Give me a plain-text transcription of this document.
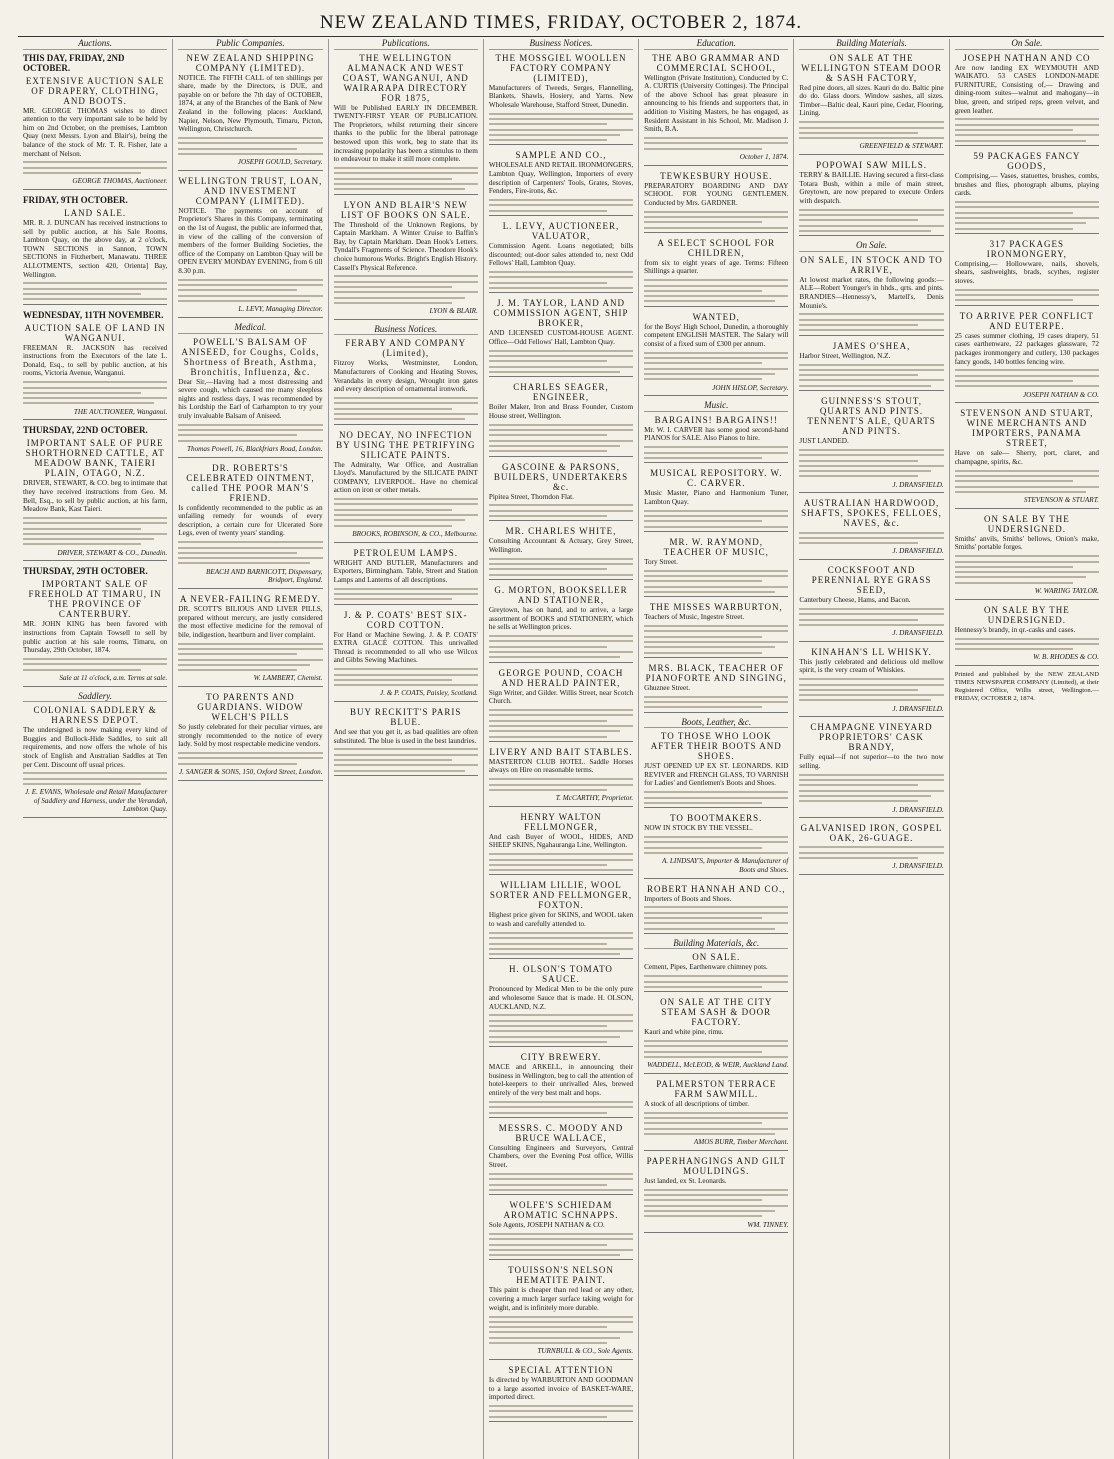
NEW ZEALAND TIMES, FRIDAY, OCTOBER 2, 1874.
Auctions.
THIS DAY, FRIDAY, 2ND OCTOBER.
EXTENSIVE AUCTION SALE OF DRAPERY, CLOTHING, AND BOOTS.

MR. GEORGE THOMAS wishes to direct attention to the very important sale to be held by him on 2nd October, on the premises, Lambton Quay (next Messrs. Lyon and Blair's), being the balance of the stock of Mr. T. R. Fisher, late a merchant of Nelson.

GEORGE THOMAS, Auctioneer.

FRIDAY, 9TH OCTOBER.
LAND SALE.

MR. R. J. DUNCAN has received instructions to sell by public auction, at his Sale Rooms, Lambton Quay, on the above day, at 2 o'clock, TOWN SECTIONS in Sannon, TOWN SECTIONS in Fitzherbert, Manawatu. THREE ALLOTMENTS, section 420, Orienta] Bay, Wellington.

WEDNESDAY, 11TH NOVEMBER.
AUCTION SALE OF LAND IN WANGANUI.

FREEMAN R. JACKSON has received instructions from the Executors of the late L. Donald, Esq., to sell by public auction, at his rooms, Victoria Avenue, Wanganui.

THE AUCTIONEER, Wanganui.

THURSDAY, 22ND OCTOBER.
IMPORTANT SALE OF PURE SHORTHORNED CATTLE, AT MEADOW BANK, TAIERI PLAIN, OTAGO, N.Z.

DRIVER, STEWART, & CO. beg to intimate that they have received instructions from Geo. M. Bell, Esq., to sell by public auction, at his farm, Meadow Bank, Kast Taieri.

DRIVER, STEWART & CO., Dunedin.

THURSDAY, 29TH OCTOBER.
IMPORTANT SALE OF FREEHOLD AT TIMARU, IN THE PROVINCE OF CANTERBURY.

MR. JOHN KING has been favored with instructions from Captain Towsell to sell by public auction at his sale rooms, Timaru, on Thursday, 29th October, 1874.

Sale at 11 o'clock, a.m. Terms at sale.

Saddlery.
COLONIAL SADDLERY & HARNESS DEPOT.

The undersigned is now making every kind of Buggies and Bullock-Hide Saddles, to suit all requirements, and now offers the whole of his stock of English and Australian Saddles at Ten per Cent. Discount off usual prices.

J. E. EVANS, Wholesale and Retail Manufacturer of Saddlery and Harness, under the Verandah, Lambton Quay.

Public Companies.
NEW ZEALAND SHIPPING COMPANY (LIMITED).

NOTICE. The FIFTH CALL of ten shillings per share, made by the Directors, is DUE, and payable on or before the 7th day of OCTOBER, 1874, at any of the Branches of the Bank of New Zealand in the following places: Auckland, Napier, Nelson, New Plymouth, Timaru, Picton, Wellington, Christchurch.

JOSEPH GOULD, Secretary.

WELLINGTON TRUST, LOAN, AND INVESTMENT COMPANY (LIMITED).

NOTICE. The payments on account of Proprietor's Shares in this Company, terminating on the 1st of August, the public are informed that, in view of the calling of the conversion of members of the former Building Societies, the office of the Company on Lambton Quay will be OPEN EVERY MONDAY EVENING, from 6 till 8.30 p.m.

L. LEVY, Managing Director.

Medical.
POWELL'S BALSAM OF ANISEED, for Coughs, Colds, Shortness of Breath, Asthma, Bronchitis, Influenza, &c.

Dear Sir,—Having had a most distressing and severe cough, which caused me many sleepless nights and restless days, I was recommended by his Lordship the Earl of Carhampton to try your truly invaluable Balsam of Aniseed.

Thomas Powell, 16, Blackfriars Road, London.

DR. ROBERTS'S CELEBRATED OINTMENT, called THE POOR MAN'S FRIEND.

Is confidently recommended to the public as an unfailing remedy for wounds of every description, a certain cure for Ulcerated Sore Legs, even of twenty years' standing.

BEACH AND BARNICOTT, Dispensary, Bridport, England.

A NEVER-FAILING REMEDY.

DR. SCOTT'S BILIOUS AND LIVER PILLS, prepared without mercury, are justly considered the most effective medicine for the removal of bile, indigestion, heartburn and liver complaint.

W. LAMBERT, Chemist.

TO PARENTS AND GUARDIANS. WIDOW WELCH'S PILLS

So justly celebrated for their peculiar virtues, are strongly recommended to the notice of every lady. Sold by most respectable medicine vendors.

J. SANGER & SONS, 150, Oxford Street, London.

Publications.
THE WELLINGTON ALMANACK AND WEST COAST, WANGANUI, AND WAIRARAPA DIRECTORY FOR 1875,

Will be Published EARLY IN DECEMBER. TWENTY-FIRST YEAR OF PUBLICATION. The Proprietors, whilst returning their sincere thanks to the public for the liberal patronage bestowed upon this work, beg to state that its increasing popularity has been a stimulus to them to endeavour to make it still more complete.

LYON AND BLAIR'S NEW LIST OF BOOKS ON SALE.

The Threshold of the Unknown Regions, by Captain Markham. A Winter Cruise to Baffin's Bay, by Captain Markham. Dean Hook's Letters. Tyndall's Fragments of Science. Theodore Hook's choice humorous Works. Bright's English History. Cassell's Physical Reference.

LYON & BLAIR.

Business Notices.
FERABY AND COMPANY (Limited),

Fitzroy Works, Westminster, London, Manufacturers of Cooking and Heating Stoves, Verandahs in every design, Wrought iron gates and every description of ornamental ironwork.

NO DECAY, NO INFECTION BY USING THE PETRIFYING SILICATE PAINTS.

The Admiralty, War Office, and Australian Lloyd's. Manufactured by the SILICATE PAINT COMPANY, LIVERPOOL. Have no chemical action on iron or other metals.

BROOKS, ROBINSON, & CO., Melbourne.

PETROLEUM LAMPS.

WRIGHT AND BUTLER, Manufacturers and Exporters, Birmingham. Table, Street and Station Lamps and Lanterns of all descriptions.

J. & P. COATS' BEST SIX-CORD COTTON.

For Hand or Machine Sewing. J. & P. COATS' EXTRA GLACÉ COTTON. This unrivalled Thread is recommended to all who use Wilcox and Gibbs Sewing Machines.

J. & P. COATS, Paisley, Scotland.

BUY RECKITT'S PARIS BLUE.

And see that you get it, as bad qualities are often substituted. The blue is used in the best laundries.

Business Notices.
THE MOSSGIEL WOOLLEN FACTORY COMPANY (LIMITED),

Manufacturers of Tweeds, Serges, Flannelling, Blankets, Shawls, Hosiery, and Yarns. New Wholesale Warehouse, Stafford Street, Dunedin.

SAMPLE AND CO.,

WHOLESALE AND RETAIL IRONMONGERS, Lambton Quay, Wellington, Importers of every description of Carpenters' Tools, Grates, Stoves, Fenders, Fire-irons, &c.

L. LEVY, AUCTIONEER, VALUATOR,

Commission Agent. Loans negotiated; bills discounted; out-door sales attended to, next Odd Fellows' Hall, Lambton Quay.

J. M. TAYLOR, LAND AND COMMISSION AGENT, SHIP BROKER,

AND LICENSED CUSTOM-HOUSE AGENT. Office—Odd Fellows' Hall, Lambton Quay.

CHARLES SEAGER, ENGINEER,

Boiler Maker, Iron and Brass Founder, Custom House street, Wellington.

GASCOINE & PARSONS, BUILDERS, UNDERTAKERS &c.

Pipitea Street, Thorndon Flat.

MR. CHARLES WHITE,

Consulting Accountant & Actuary, Grey Street, Wellington.

G. MORTON, BOOKSELLER AND STATIONER,

Greytown, has on hand, and to arrive, a large assortment of BOOKS and STATIONERY, which he sells at Wellington prices.

GEORGE POUND, COACH AND HERALD PAINTER,

Sign Writer, and Gilder. Willis Street, near Scotch Church.

LIVERY AND BAIT STABLES.

MASTERTON CLUB HOTEL. Saddle Horses always on Hire on reasonable terms.

T. McCARTHY, Proprietor.

HENRY WALTON FELLMONGER,

And cash Buyer of WOOL, HIDES, AND SHEEP SKINS, Ngahauranga Line, Wellington.

WILLIAM LILLIE, WOOL SORTER AND FELLMONGER, FOXTON.

Highest price given for SKINS, and WOOL taken to wash and carefully attended to.

H. OLSON'S TOMATO SAUCE.

Pronounced by Medical Men to be the only pure and wholesome Sauce that is made. H. OLSON, AUCKLAND, N.Z.

CITY BREWERY.

MACE and ARKELL, in announcing their business in Wellington, beg to call the attention of hotel-keepers to their unrivalled Ales, brewed entirely of the very best malt and hops.

MESSRS. C. MOODY AND BRUCE WALLACE,

Consulting Engineers and Surveyors, Central Chambers, over the Evening Post office, Willis Street.

WOLFE'S SCHIEDAM AROMATIC SCHNAPPS.

Sole Agents, JOSEPH NATHAN & CO.

TOUISSON'S NELSON HEMATITE PAINT.

This paint is cheaper than red lead or any other, covering a much larger surface taking weight for weight, and is infinitely more durable.

TURNBULL & CO., Sole Agents.

SPECIAL ATTENTION

Is directed by WARBURTON AND GOODMAN to a large assorted invoice of BASKET-WARE, imported direct.

Education.
THE ABO GRAMMAR AND COMMERCIAL SCHOOL,

Wellington (Private Institution), Conducted by C. A. CURTIS (University Cottinges). The Principal of the above School has great pleasure in announcing to his friends and supporters that, in addition to Visiting Masters, he has engaged, as Resident Assistant in his School, Mr. Madison J. Smith, B.A.

October 1, 1874.

TEWKESBURY HOUSE.

PREPARATORY BOARDING AND DAY SCHOOL FOR YOUNG GENTLEMEN. Conducted by Mrs. GARDNER.

A SELECT SCHOOL FOR CHILDREN,

from six to eight years of age. Terms: Fifteen Shillings a quarter.

WANTED,

for the Boys' High School, Dunedin, a thoroughly competent ENGLISH MASTER. The Salary will consist of a fixed sum of £300 per annum.

JOHN HISLOP, Secretary.

Music.
BARGAINS! BARGAINS!!

Mr. W. I. CARVER has some good second-hand PIANOS for SALE. Also Pianos to hire.

MUSICAL REPOSITORY. W. C. CARVER.

Music Master, Piano and Harmonium Tuner, Lambton Quay.

MR. W. RAYMOND, TEACHER OF MUSIC,

Tory Street.

THE MISSES WARBURTON,

Teachers of Music, Ingestre Street.

MRS. BLACK, TEACHER OF PIANOFORTE AND SINGING,

Ghuznee Street.

Boots, Leather, &c.
TO THOSE WHO LOOK AFTER THEIR BOOTS AND SHOES.

JUST OPENED UP EX ST. LEONARDS. KID REVIVER and FRENCH GLASS, TO VARNISH for Ladies' and Gentlemen's Boots and Shoes.

TO BOOTMAKERS.

NOW IN STOCK BY THE VESSEL.

A. LINDSAY'S, Importer & Manufacturer of Boots and Shoes.

ROBERT HANNAH AND CO.,

Importers of Boots and Shoes.

Building Materials, &c.
ON SALE.

Cement, Pipes, Earthenware chimney pots.

ON SALE AT THE CITY STEAM SASH & DOOR FACTORY.

Kauri and white pine, rimu.

WADDELL, McLEOD, & WEIR, Auckland Land.

PALMERSTON TERRACE FARM SAWMILL.

A stock of all descriptions of timber.

AMOS BURR, Timber Merchant.

PAPERHANGINGS AND GILT MOULDINGS.

Just landed, ex St. Leonards.

WM. TINNEY.

Building Materials.
ON SALE AT THE WELLINGTON STEAM DOOR & SASH FACTORY,

Red pine doors, all sizes. Kauri do do. Baltic pine do do. Glass doors. Window sashes, all sizes. Timber—Baltic deal, Kauri pine, Cedar, Flooring, Lining.

GREENFIELD & STEWART.

POPOWAI SAW MILLS.

TERRY & BAILLIE. Having secured a first-class Totara Bush, within a mile of main street, Greytown, are now prepared to execute Orders with despatch.

On Sale.
ON SALE, IN STOCK AND TO ARRIVE,

At lowest market rates, the following goods:— ALE—Robert Younger's in hhds., qrts. and pints. BRANDIES—Hennessy's, Martell's, Denis Mounie's.

JAMES O'SHEA,

Harbor Street, Wellington, N.Z.

GUINNESS'S STOUT, QUARTS AND PINTS. TENNENT'S ALE, QUARTS AND PINTS.

JUST LANDED.

J. DRANSFIELD.

AUSTRALIAN HARDWOOD, SHAFTS, SPOKES, FELLOES, NAVES, &c.

J. DRANSFIELD.

COCKSFOOT AND PERENNIAL RYE GRASS SEED,

Canterbury Cheese, Hams, and Bacon.

J. DRANSFIELD.

KINAHAN'S LL WHISKY.

This justly celebrated and delicious old mellow spirit, is the very cream of Whiskies.

J. DRANSFIELD.

CHAMPAGNE VINEYARD PROPRIETORS' CASK BRANDY,

Fully equal—if not superior—to the two now selling.

J. DRANSFIELD.

GALVANISED IRON, GOSPEL OAK, 26-GUAGE.

J. DRANSFIELD.

On Sale.
JOSEPH NATHAN AND CO

Are now landing EX WEYMOUTH AND WAIKATO. 53 CASES LONDON-MADE FURNITURE, Consisting of,— Drawing and dining-room suites—walnut and mahogany—in blue, green, and striped reps, green velvet, and green leather.

59 PACKAGES FANCY GOODS,

Comprising,— Vases, statuettes, brushes, combs, brushes and flies, photograph albums, playing cards.

317 PACKAGES IRONMONGERY,

Comprising,— Hollowware, nails, shovels, shears, sashweights, brads, scythes, register stoves.

TO ARRIVE PER CONFLICT AND EUTERPE.

25 cases summer clothing, 19 cases drapery, 51 cases earthenware, 22 packages glassware, 72 packages ironmongery and cutlery, 130 packages fancy goods, 140 bottles fencing wire.

JOSEPH NATHAN & CO.

STEVENSON AND STUART, WINE MERCHANTS AND IMPORTERS, PANAMA STREET,

Have on sale— Sherry, port, claret, and champagne, spirits, &c.

STEVENSON & STUART.

ON SALE BY THE UNDERSIGNED.

Smiths' anvils, Smiths' bellows, Onion's make, Smiths' portable forges.

W. WARING TAYLOR.

ON SALE BY THE UNDERSIGNED.

Hennessy's brandy, in qr.-casks and cases.

W. B. RHODES & CO.

Printed and published by the NEW ZEALAND TIMES NEWSPAPER COMPANY (Limited), at their Registered Office, Willis street, Wellington.—FRIDAY, OCTOBER 2, 1874.
